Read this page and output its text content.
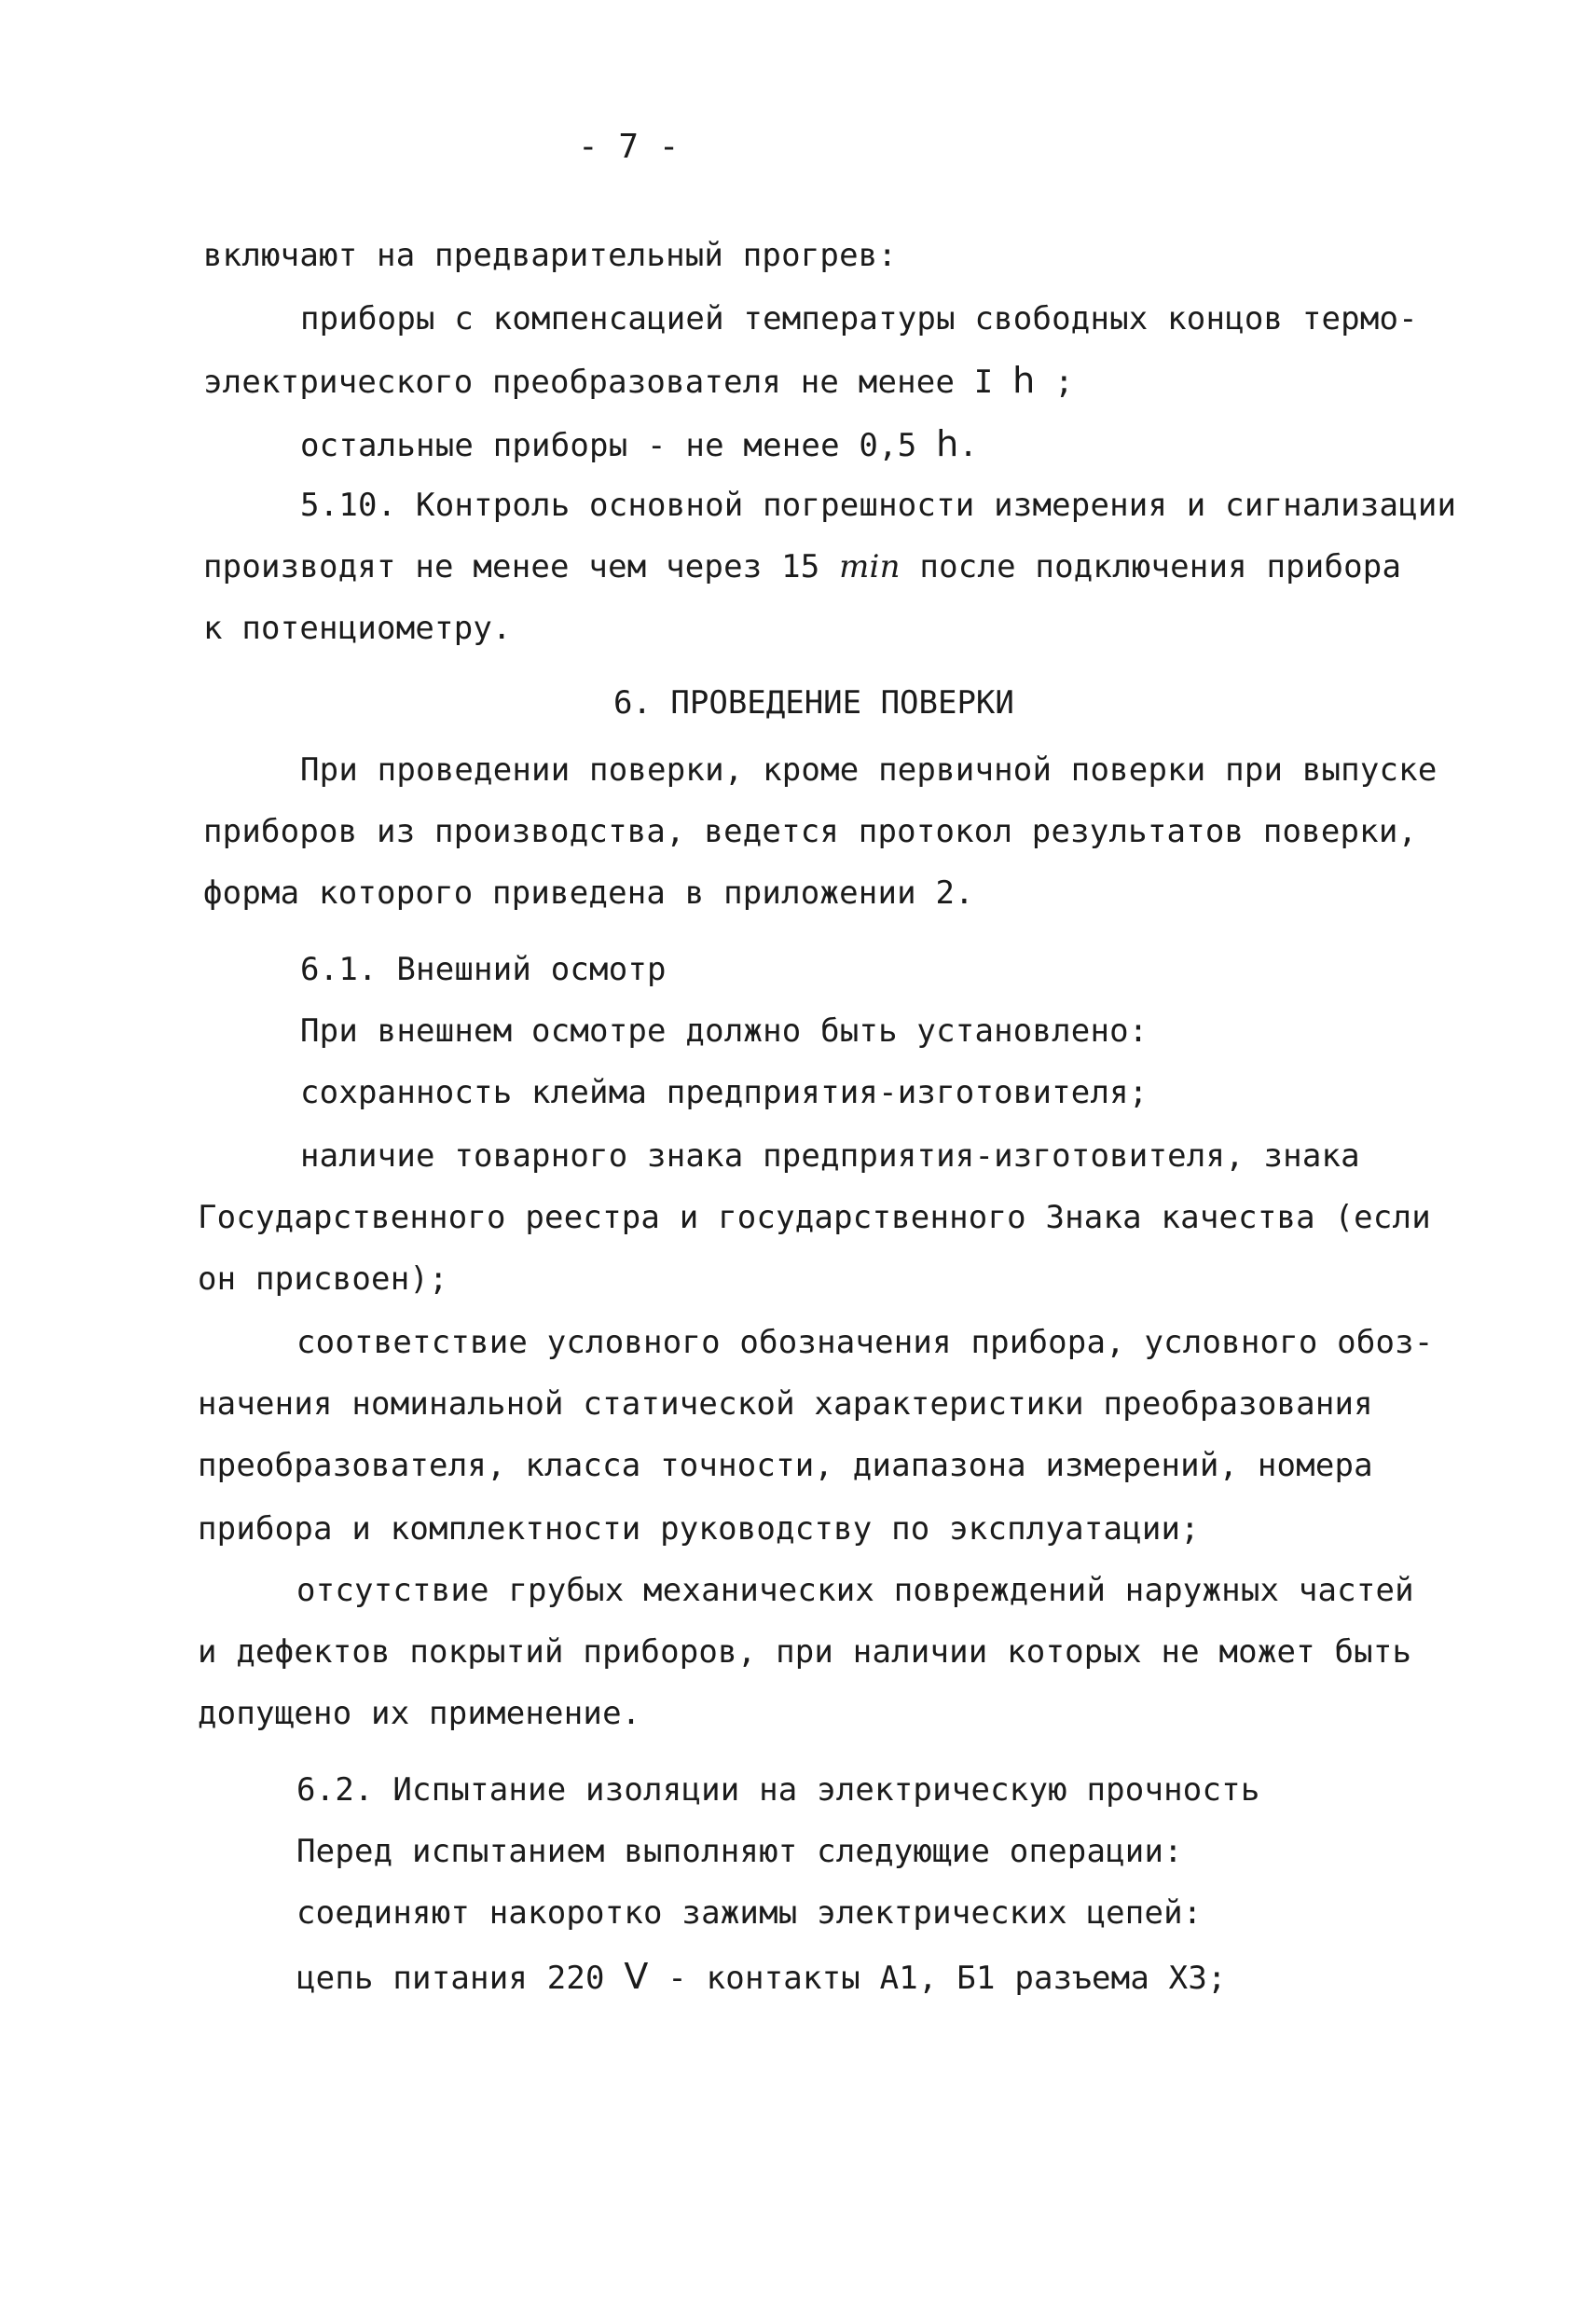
- 7 -
включают на предварительный прогрев:
приборы с компенсацией температуры свободных концов термо-
электрического преобразователя не менее I h ;
остальные приборы - не менее 0,5 h.
5.10. Контроль основной погрешности измерения и сигнализации
производят не менее чем через 15 min после подключения прибора
к потенциометру.
6. ПРОВЕДЕНИЕ ПОВЕРКИ
При проведении поверки, кроме первичной поверки при выпуске
приборов из производства, ведется протокол результатов поверки,
форма которого приведена в приложении 2.
6.1. Внешний осмотр
При внешнем осмотре должно быть установлено:
сохранность клейма предприятия-изготовителя;
наличие товарного знака предприятия-изготовителя, знака
Государственного реестра и государственного Знака качества (если
он присвоен);
соответствие условного обозначения прибора, условного обоз-
начения номинальной статической характеристики преобразования
преобразователя, класса точности, диапазона измерений, номера
прибора и комплектности руководству по эксплуатации;
отсутствие грубых механических повреждений наружных частей
и дефектов покрытий приборов, при наличии которых не может быть
допущено их применение.
6.2. Испытание изоляции на электрическую прочность
Перед испытанием выполняют следующие операции:
соединяют накоротко зажимы электрических цепей:
цепь питания 220 V - контакты A1, Б1 разъема X3;
